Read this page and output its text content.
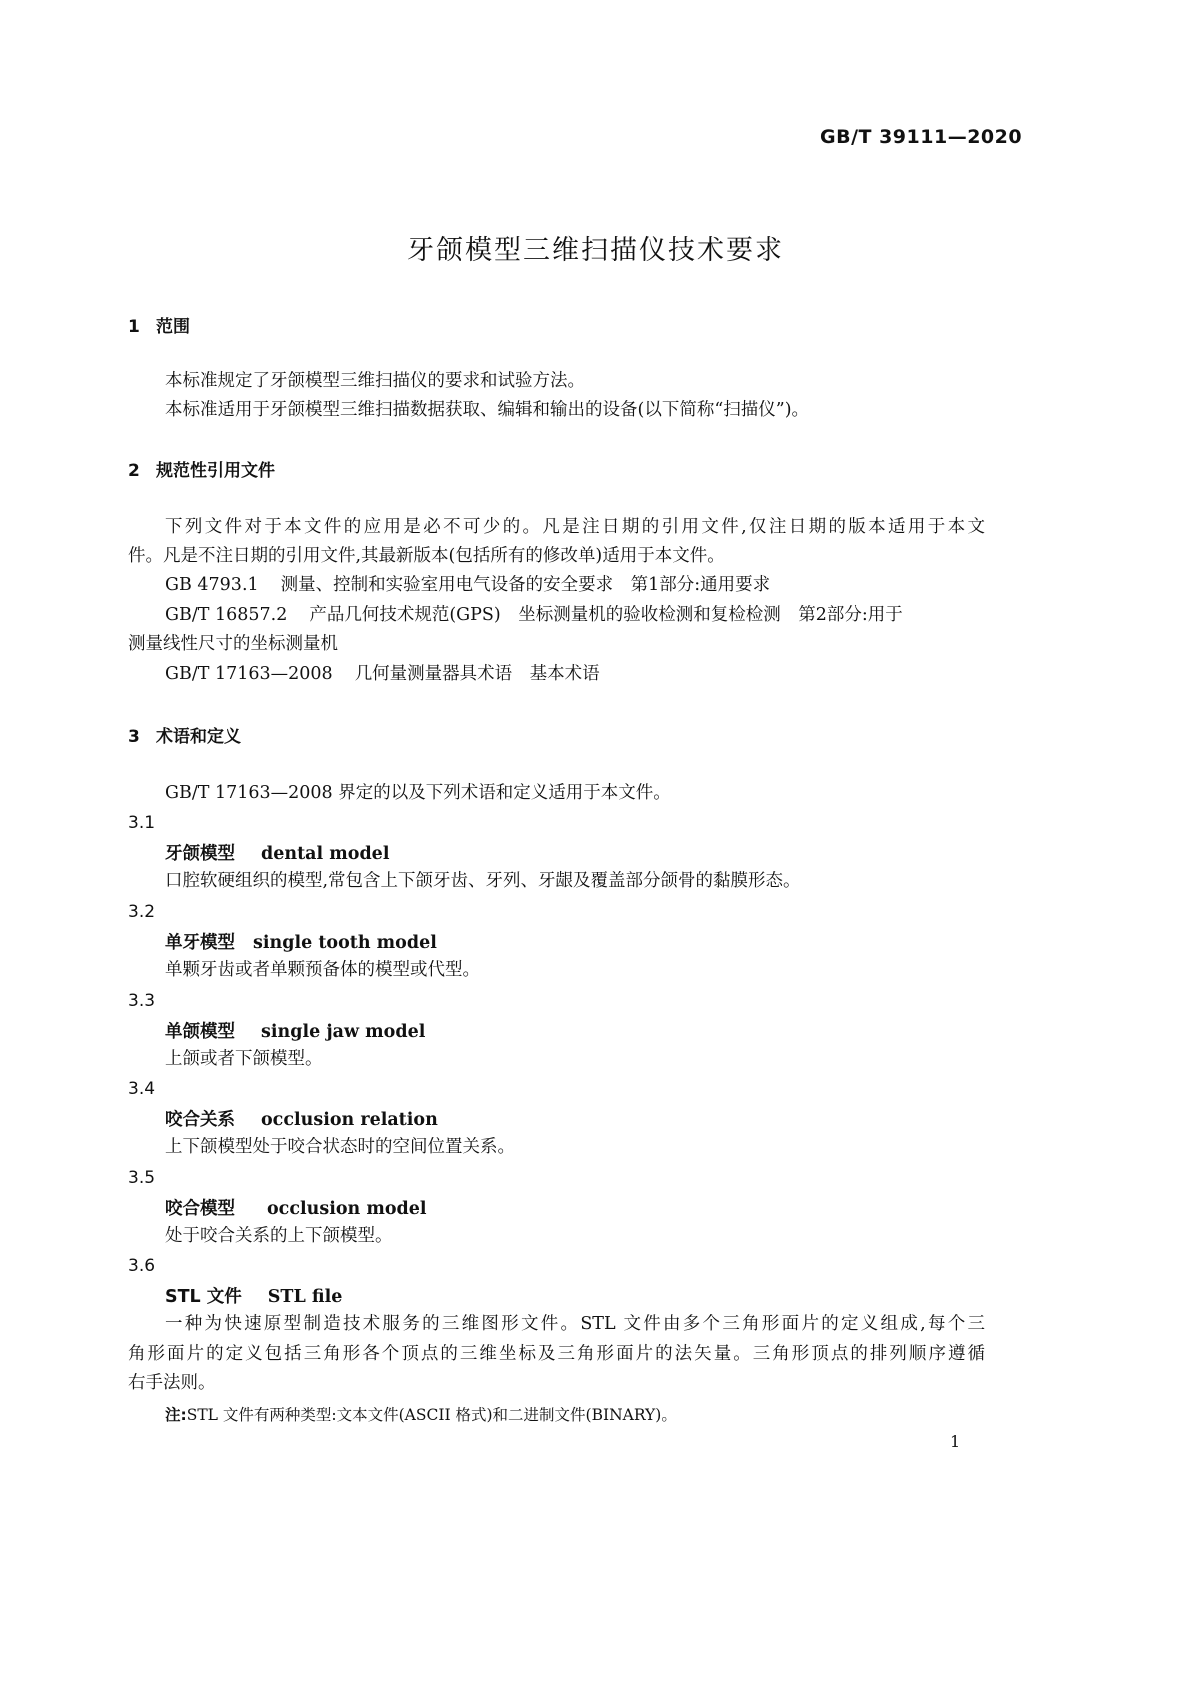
GB/T 39111—2020
牙颌模型三维扫描仪技术要求
1 范围
本标准规定了牙颌模型三维扫描仪的要求和试验方法。
本标准适用于牙颌模型三维扫描数据获取、编辑和输出的设备(以下简称“扫描仪”)。
2 规范性引用文件
下列文件对于本文件的应用是必不可少的。凡是注日期的引用文件,仅注日期的版本适用于本文
件。凡是不注日期的引用文件,其最新版本(包括所有的修改单)适用于本文件。
GB 4793.1 测量、控制和实验室用电气设备的安全要求　第1部分:通用要求
GB/T 16857.2 产品几何技术规范(GPS)　坐标测量机的验收检测和复检检测　第2部分:用于
测量线性尺寸的坐标测量机
GB/T 17163—2008 几何量测量器具术语　基本术语
3 术语和定义
GB/T 17163—2008 界定的以及下列术语和定义适用于本文件。
3.1
牙颌模型 dental model
口腔软硬组织的模型,常包含上下颌牙齿、牙列、牙龈及覆盖部分颌骨的黏膜形态。
3.2
单牙模型 single tooth model
单颗牙齿或者单颗预备体的模型或代型。
3.3
单颌模型 single jaw model
上颌或者下颌模型。
3.4
咬合关系 occlusion relation
上下颌模型处于咬合状态时的空间位置关系。
3.5
咬合模型 occlusion model
处于咬合关系的上下颌模型。
3.6
STL 文件 STL file
一种为快速原型制造技术服务的三维图形文件。STL 文件由多个三角形面片的定义组成,每个三
角形面片的定义包括三角形各个顶点的三维坐标及三角形面片的法矢量。三角形顶点的排列顺序遵循
右手法则。
注:STL 文件有两种类型:文本文件(ASCII 格式)和二进制文件(BINARY)。
1
